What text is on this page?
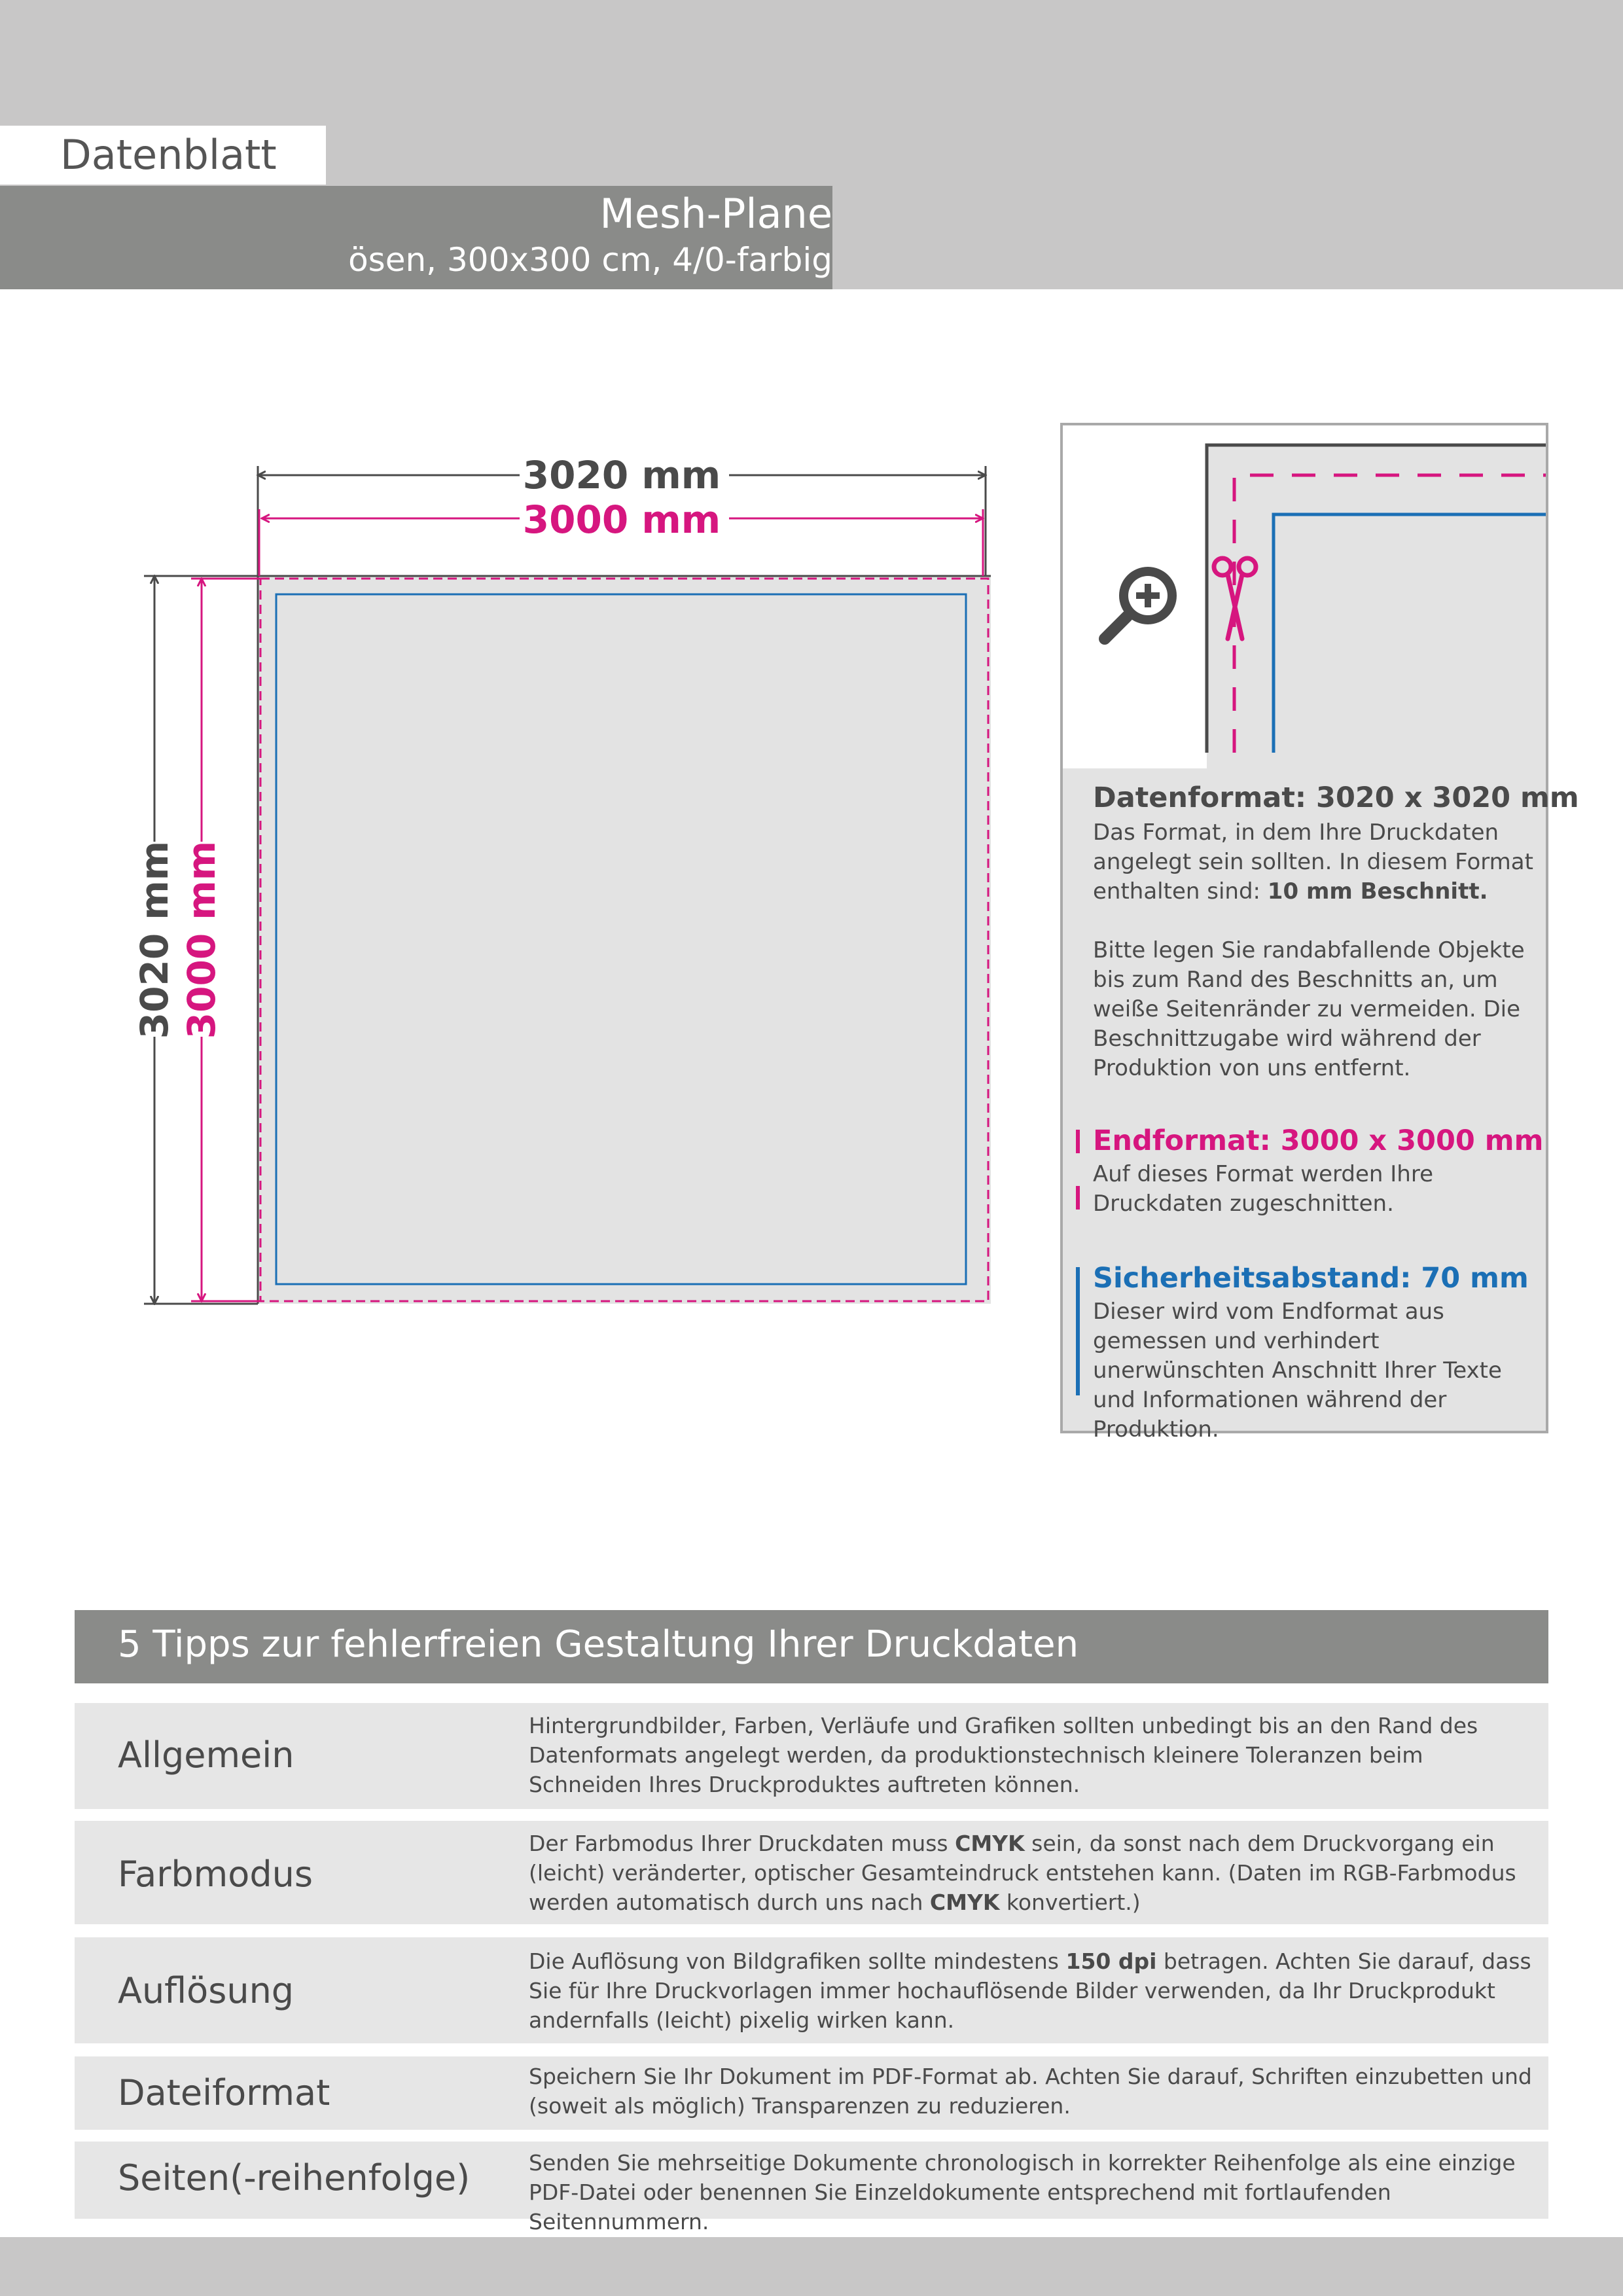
Datenblatt
Mesh-Plane
ösen, 300x300 cm, 4/0-farbig
3020 mm
3000 mm
3020 mm 3000 mm
Datenformat: 3020 x 3020 mm
Das Format, in dem Ihre Druckdaten angelegt sein sollten. In diesem Format enthalten sind: 10 mm Beschnitt.
Bitte legen Sie randabfallende Objekte bis zum Rand des Beschnitts an, um weiße Seitenränder zu vermeiden. Die Beschnittzugabe wird während der Produktion von uns entfernt.
Endformat: 3000 x 3000 mm
Auf dieses Format werden Ihre Druckdaten zugeschnitten.
Sicherheitsabstand: 70 mm
Dieser wird vom Endformat aus gemessen und verhindert unerwünschten Anschnitt Ihrer Texte und Informationen während der Produktion.
5 Tipps zur fehlerfreien Gestaltung Ihrer Druckdaten
Allgemein
Hintergrundbilder, Farben, Verläufe und Grafiken sollten unbedingt bis an den Rand des Datenformats angelegt werden, da produktionstechnisch kleinere Toleranzen beim Schneiden Ihres Druckproduktes auftreten können.
Farbmodus
Der Farbmodus Ihrer Druckdaten muss CMYK sein, da sonst nach dem Druckvorgang ein (leicht) veränderter, optischer Gesamteindruck entstehen kann. (Daten im RGB-Farbmodus werden automatisch durch uns nach CMYK konvertiert.)
Auflösung
Die Auflösung von Bildgrafiken sollte mindestens 150 dpi betragen. Achten Sie darauf, dass Sie für Ihre Druckvorlagen immer hochauflösende Bilder verwenden, da Ihr Druckprodukt andernfalls (leicht) pixelig wirken kann.
Dateiformat	Speichern Sie Ihr Dokument im PDF-Format ab. Achten Sie darauf, Schriften einzubetten und (soweit als möglich) Transparenzen zu reduzieren.
Seiten(-reihenfolge)	Senden Sie mehrseitige Dokumente chronologisch in korrekter Reihenfolge als eine einzige PDF-Datei oder benennen Sie Einzeldokumente entsprechend mit fortlaufenden Seitennummern.
